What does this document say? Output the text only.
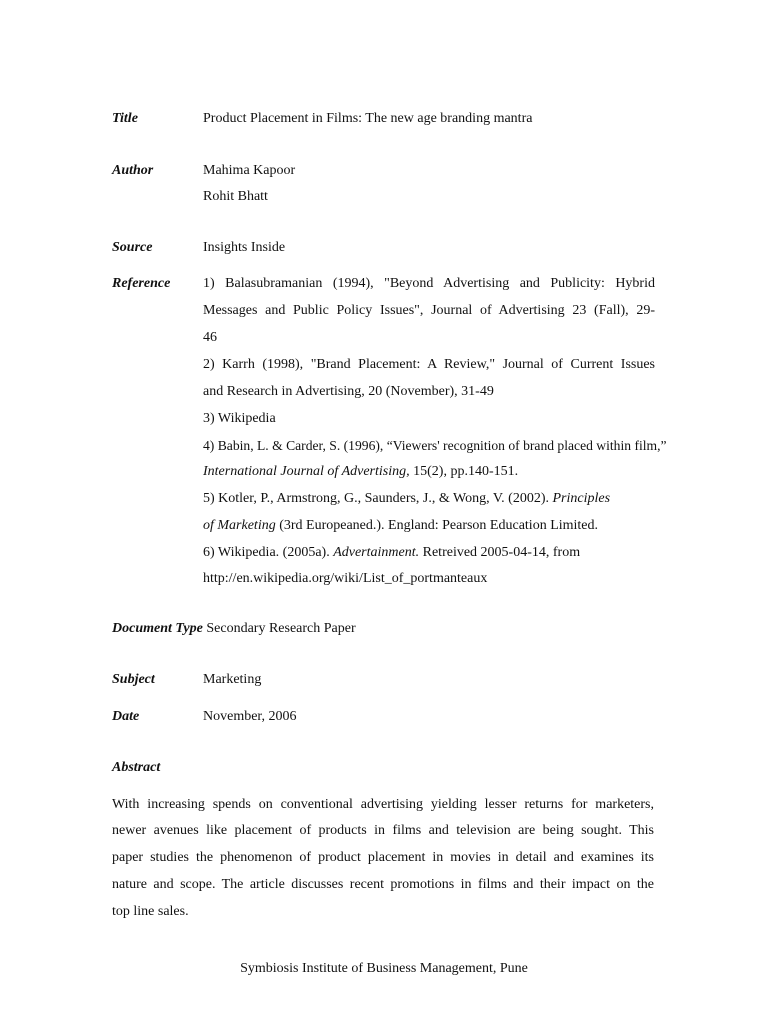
Title	Product Placement in Films: The new age branding mantra
Author	Mahima Kapoor
Rohit Bhatt
Source	Insights Inside
Reference 1) Balasubramanian (1994), "Beyond Advertising and Publicity: Hybrid
Messages and Public Policy Issues", Journal of Advertising 23 (Fall), 29-
46
2) Karrh (1998), "Brand Placement: A Review," Journal of Current Issues
and Research in Advertising, 20 (November), 31-49
3) Wikipedia
4) Babin, L. & Carder, S. (1996), “Viewers' recognition of brand placed within film,”
International Journal of Advertising, 15(2), pp.140-151.
5) Kotler, P., Armstrong, G., Saunders, J., & Wong, V. (2002). Principles
of Marketing (3rd Europeaned.). England: Pearson Education Limited.
6) Wikipedia. (2005a). Advertainment. Retreived 2005-04-14, from
http://en.wikipedia.org/wiki/List_of_portmanteaux
Document Type Secondary Research Paper
Subject	Marketing
Date	November, 2006
Abstract
With increasing spends on conventional advertising yielding lesser returns for marketers,
newer avenues like placement of products in films and television are being sought. This
paper studies the phenomenon of product placement in movies in detail and examines its
nature and scope. The article discusses recent promotions in films and their impact on the
top line sales.
Symbiosis Institute of Business Management, Pune
